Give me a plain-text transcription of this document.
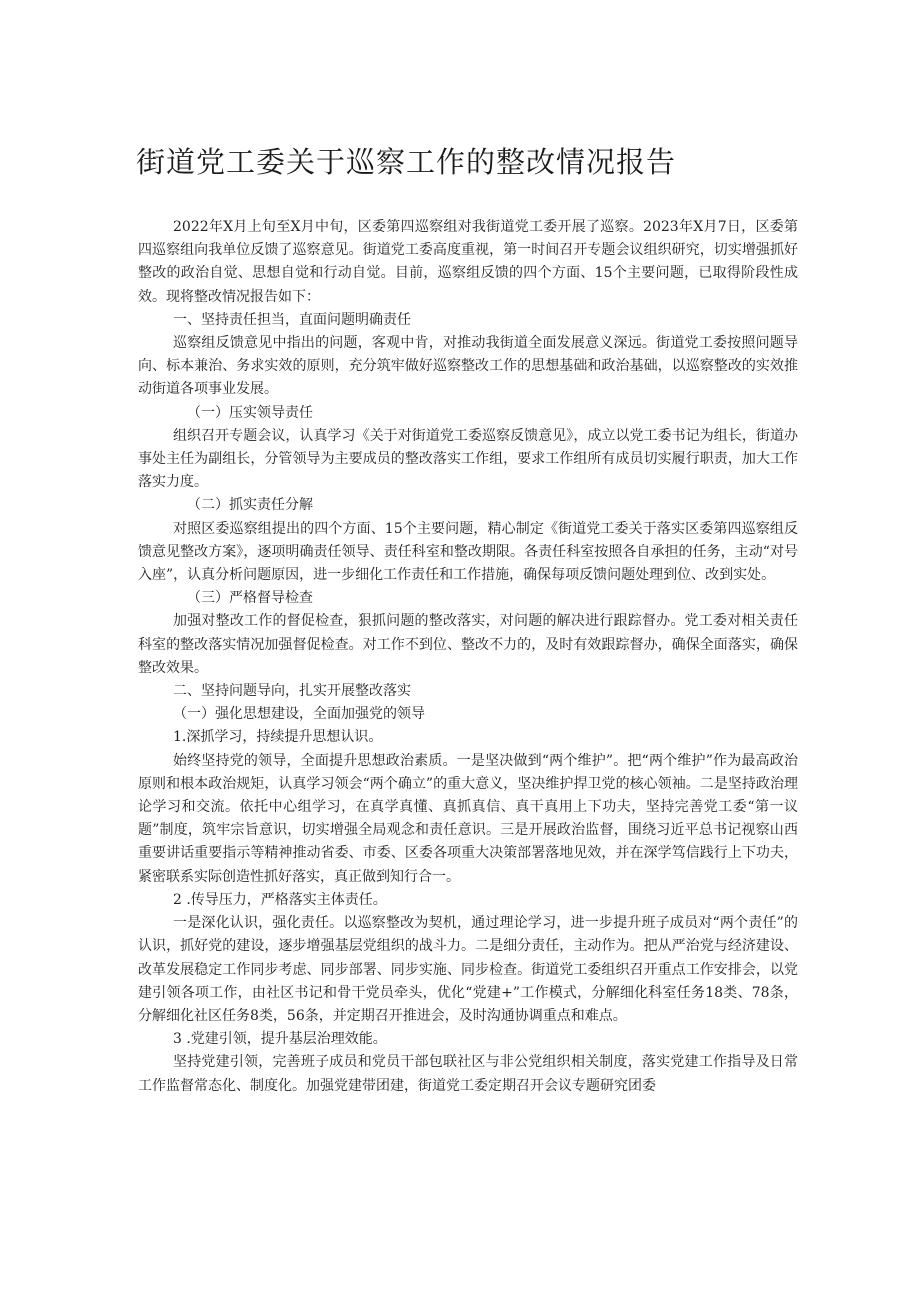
街道党工委关于巡察工作的整改情况报告

2022年X月上旬至X月中旬，区委第四巡察组对我街道党工委开展了巡察。2023年X月7日，区委第四巡察组向我单位反馈了巡察意见。街道党工委高度重视，第一时间召开专题会议组织研究，切实增强抓好整改的政治自觉、思想自觉和行动自觉。目前，巡察组反馈的四个方面、15个主要问题，已取得阶段性成效。现将整改情况报告如下：

一、坚持责任担当，直面问题明确责任

巡察组反馈意见中指出的问题，客观中肯，对推动我街道全面发展意义深远。街道党工委按照问题导向、标本兼治、务求实效的原则，充分筑牢做好巡察整改工作的思想基础和政治基础，以巡察整改的实效推动街道各项事业发展。

（一）压实领导责任

组织召开专题会议，认真学习《关于对街道党工委巡察反馈意见》，成立以党工委书记为组长，街道办事处主任为副组长，分管领导为主要成员的整改落实工作组，要求工作组所有成员切实履行职责，加大工作落实力度。

（二）抓实责任分解

对照区委巡察组提出的四个方面、15个主要问题，精心制定《街道党工委关于落实区委第四巡察组反馈意见整改方案》，逐项明确责任领导、责任科室和整改期限。各责任科室按照各自承担的任务，主动“对号入座”，认真分析问题原因，进一步细化工作责任和工作措施，确保每项反馈问题处理到位、改到实处。

（三）严格督导检查

加强对整改工作的督促检查，狠抓问题的整改落实，对问题的解决进行跟踪督办。党工委对相关责任科室的整改落实情况加强督促检查。对工作不到位、整改不力的，及时有效跟踪督办，确保全面落实，确保整改效果。

二、坚持问题导向，扎实开展整改落实

（一）强化思想建设，全面加强党的领导

1.深抓学习，持续提升思想认识。

始终坚持党的领导，全面提升思想政治素质。一是坚决做到“两个维护”。把“两个维护”作为最高政治原则和根本政治规矩，认真学习领会“两个确立”的重大意义，坚决维护捍卫党的核心领袖。二是坚持政治理论学习和交流。依托中心组学习，在真学真懂、真抓真信、真干真用上下功夫，坚持完善党工委“第一议题”制度，筑牢宗旨意识，切实增强全局观念和责任意识。三是开展政治监督，围绕习近平总书记视察山西重要讲话重要指示等精神推动省委、市委、区委各项重大决策部署落地见效，并在深学笃信践行上下功夫，紧密联系实际创造性抓好落实，真正做到知行合一。

2 .传导压力，严格落实主体责任。

一是深化认识，强化责任。以巡察整改为契机，通过理论学习，进一步提升班子成员对“两个责任”的认识，抓好党的建设，逐步增强基层党组织的战斗力。二是细分责任，主动作为。把从严治党与经济建设、改革发展稳定工作同步考虑、同步部署、同步实施、同步检查。街道党工委组织召开重点工作安排会，以党建引领各项工作，由社区书记和骨干党员牵头，优化“党建+”工作模式，分解细化科室任务18类、78条，分解细化社区任务8类，56条，并定期召开推进会，及时沟通协调重点和难点。

3 .党建引领，提升基层治理效能。

坚持党建引领，完善班子成员和党员干部包联社区与非公党组织相关制度，落实党建工作指导及日常工作监督常态化、制度化。加强党建带团建，街道党工委定期召开会议专题研究团委
